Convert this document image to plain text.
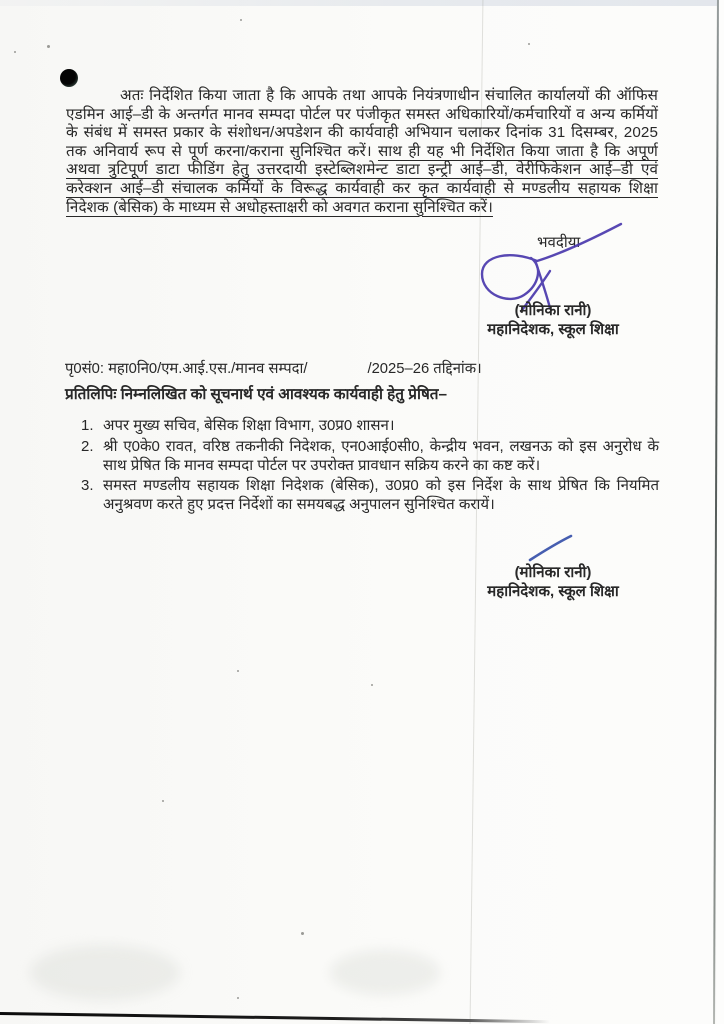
अतः निर्देशित किया जाता है कि आपके तथा आपके नियंत्रणाधीन संचालित कार्यालयों की ऑफिस एडमिन आई–डी के अन्तर्गत मानव सम्पदा पोर्टल पर पंजीकृत समस्त अधिकारियों/कर्मचारियों व अन्य कर्मियों के संबंध में समस्त प्रकार के संशोधन/अपडेशन की कार्यवाही अभियान चलाकर दिनांक 31 दिसम्बर, 2025 तक अनिवार्य रूप से पूर्ण करना/कराना सुनिश्चित करें। साथ ही यह भी निर्देशित किया जाता है कि अपूर्ण अथवा त्रुटिपूर्ण डाटा फीडिंग हेतु उत्तरदायी इस्टेब्लिशमेन्ट डाटा इन्ट्री आई–डी, वेरीफिकेशन आई–डी एवं करेक्शन आई–डी संचालक कर्मियों के विरूद्ध कार्यवाही कर कृत कार्यवाही से मण्डलीय सहायक शिक्षा निदेशक (बेसिक) के माध्यम से अधोहस्ताक्षरी को अवगत कराना सुनिश्चित करें।
भवदीया
(मोनिका रानी)
महानिदेशक, स्कूल शिक्षा
पृ0सं0: महा0नि0/एम.आई.एस./मानव सम्पदा/	/2025–26 तद्दिनांक।
प्रतिलिपिः निम्नलिखित को सूचनार्थ एवं आवश्यक कार्यवाही हेतु प्रेषित–
1. अपर मुख्य सचिव, बेसिक शिक्षा विभाग, उ0प्र0 शासन।
2. श्री ए0के0 रावत, वरिष्ठ तकनीकी निदेशक, एन0आई0सी0, केन्द्रीय भवन, लखनऊ को इस अनुरोध के साथ प्रेषित कि मानव सम्पदा पोर्टल पर उपरोक्त प्रावधान सक्रिय करने का कष्ट करें।
3. समस्त मण्डलीय सहायक शिक्षा निदेशक (बेसिक), उ0प्र0 को इस निर्देश के साथ प्रेषित कि नियमित अनुश्रवण करते हुए प्रदत्त निर्देशों का समयबद्ध अनुपालन सुनिश्चित करायें।
(मोनिका रानी)
महानिदेशक, स्कूल शिक्षा
